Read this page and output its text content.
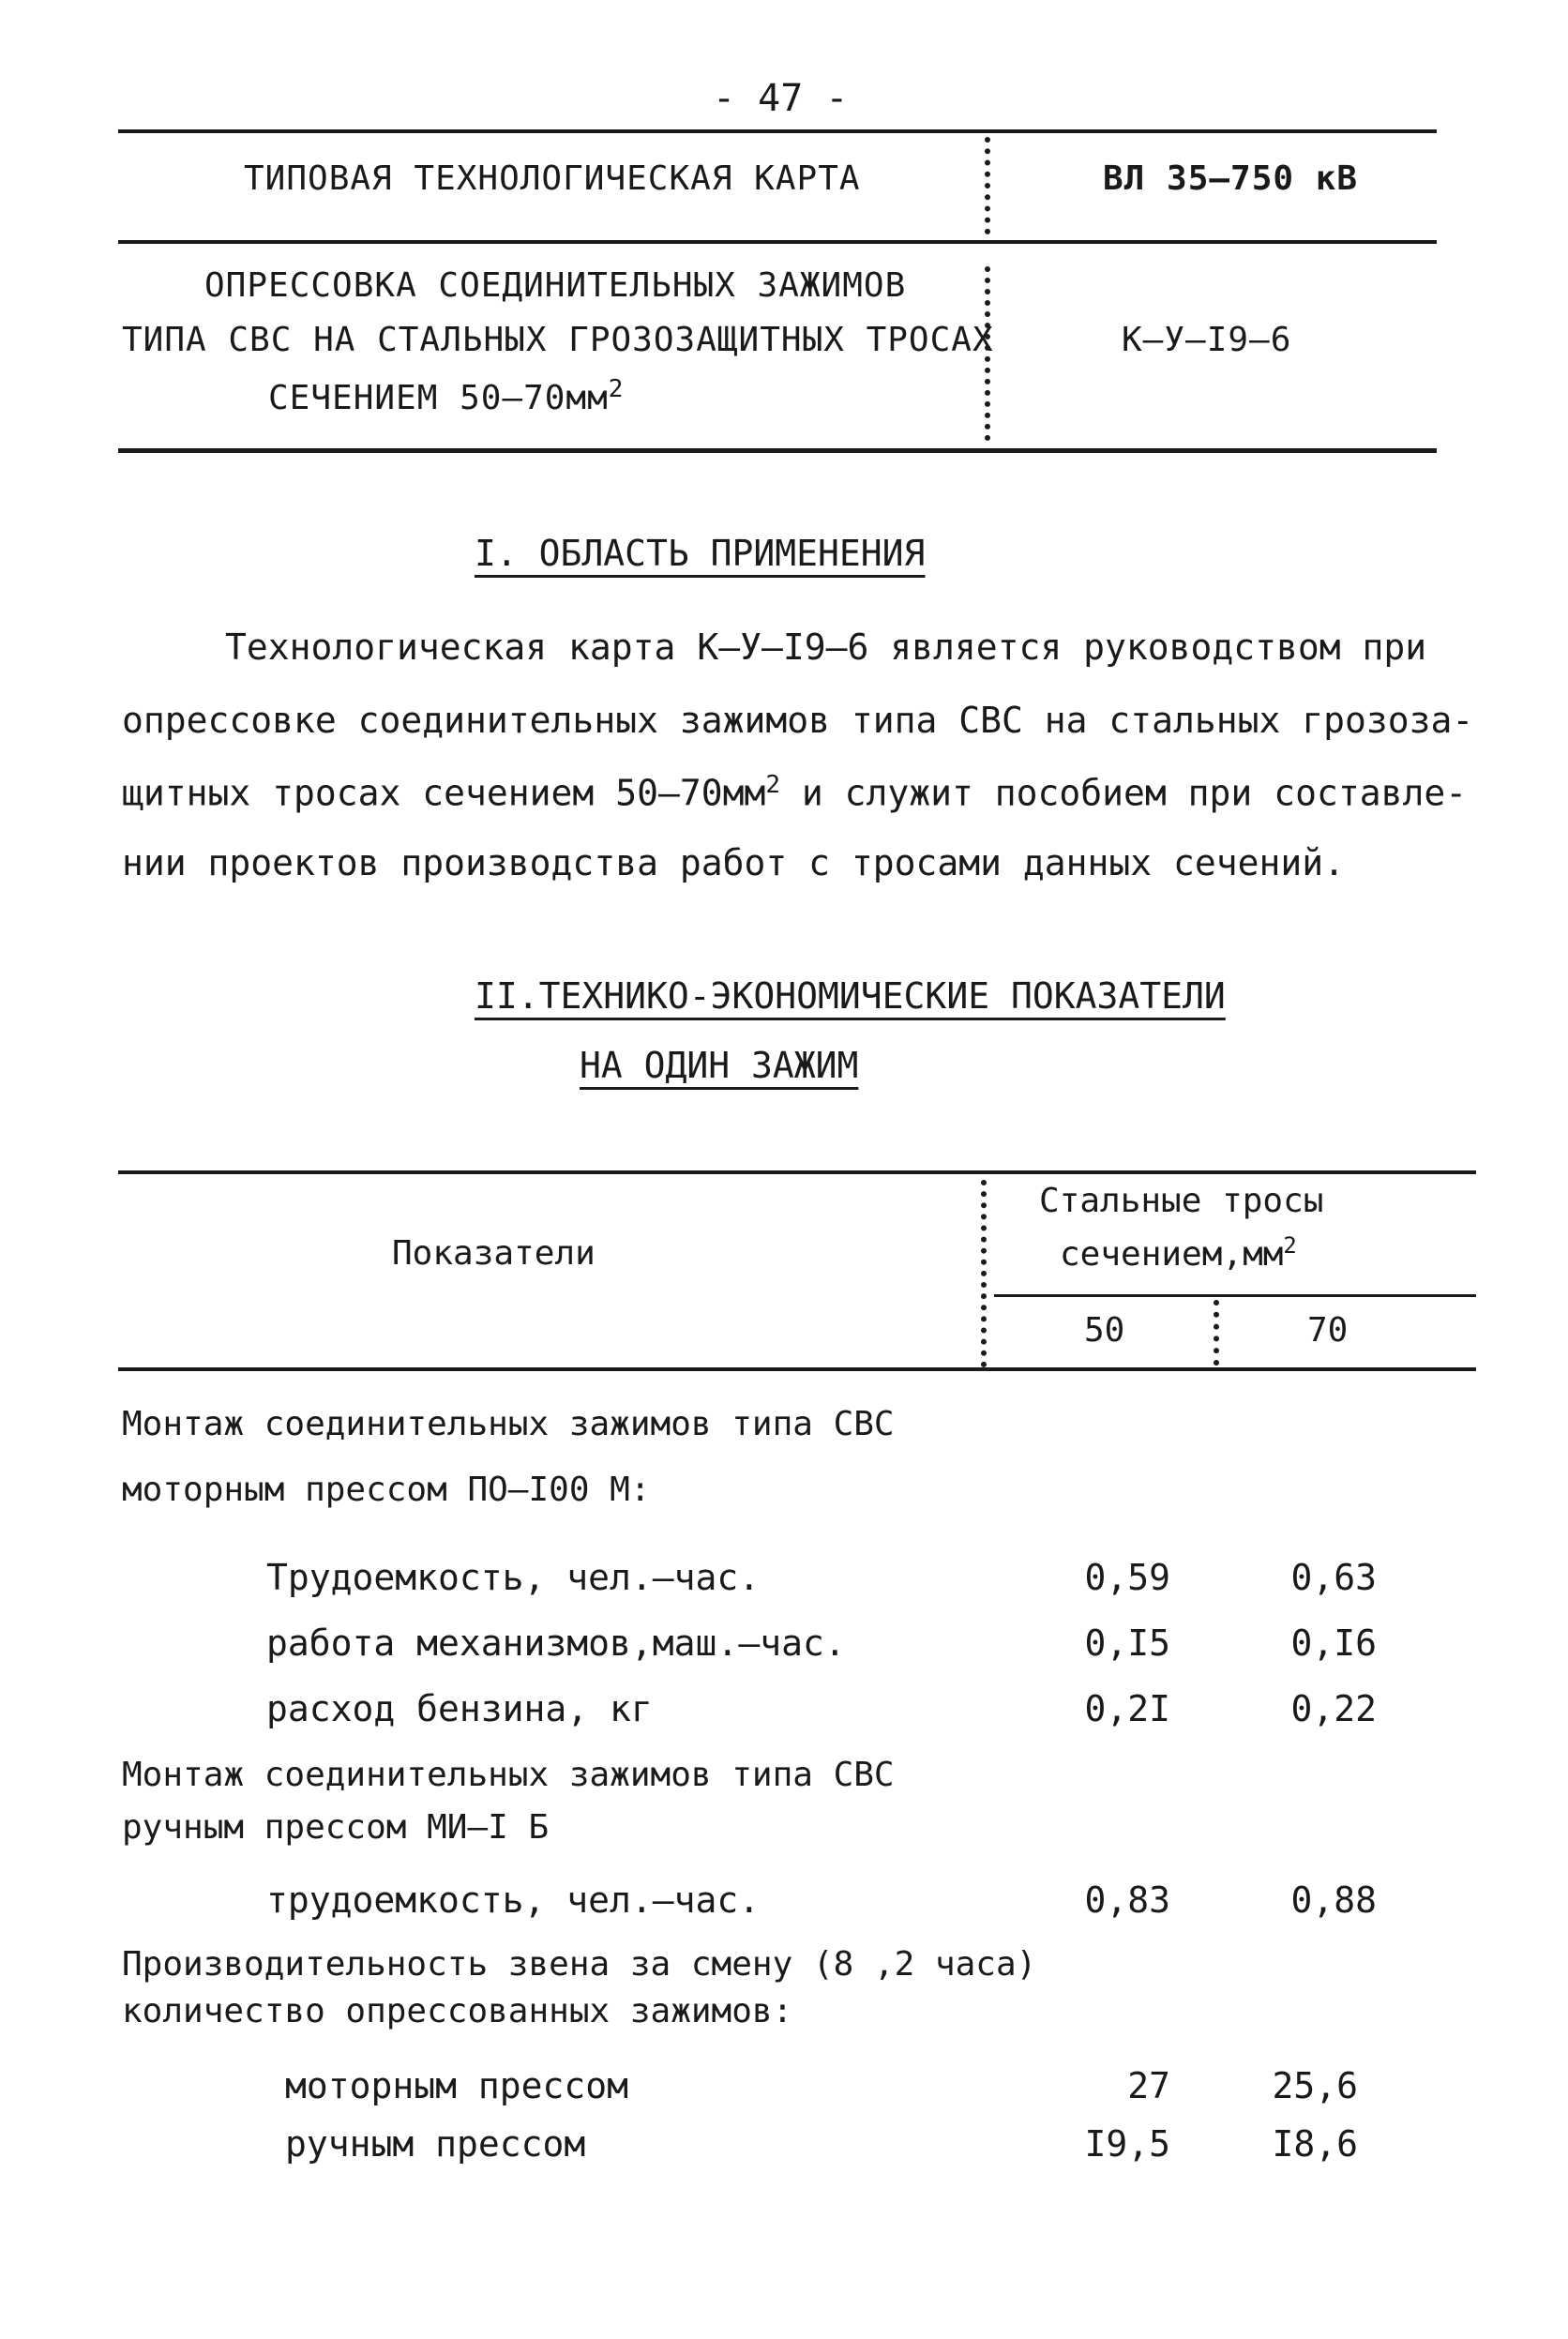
- 47 -
ТИПОВАЯ ТЕХНОЛОГИЧЕСКАЯ КАРТА	ВЛ 35–750 кВ
ОПРЕССОВКА СОЕДИНИТЕЛЬНЫХ ЗАЖИМОВ
ТИПА СВС НА СТАЛЬНЫХ ГРОЗОЗАЩИТНЫХ ТРОСАХ
СЕЧЕНИЕМ $50-70мм^2$
К–У–I9–6
I. ОБЛАСТЬ ПРИМЕНЕНИЯ
Технологическая карта К–У–I9–6 является руководством при
опрессовке соединительных зажимов типа СВС на стальных грозоза-
щитных тросах сечением $50-70мм^2$ и служит пособием при составле-
нии проектов производства работ с тросами данных сечений.
II.ТЕХНИКО-ЭКОНОМИЧЕСКИЕ ПОКАЗАТЕЛИ
НА ОДИН ЗАЖИМ
Показатели
Стальные тросы
$сечением,мм^2$
50	70
Монтаж соединительных зажимов типа СВС
моторным прессом ПО–I00 М:
Трудоемкость, чел.–час.	0,59	0,63
работа механизмов,маш.–час.	0,I5	0,I6
расход бензина, кг	0,2I	0,22
Монтаж соединительных зажимов типа СВС
ручным прессом МИ–I Б
трудоемкость, чел.–час.	0,83	0,88
Производительность звена за смену (8 ,2 часа)
количество опрессованных зажимов:
моторным прессом	27	25,6
ручным прессом	I9,5	I8,6
